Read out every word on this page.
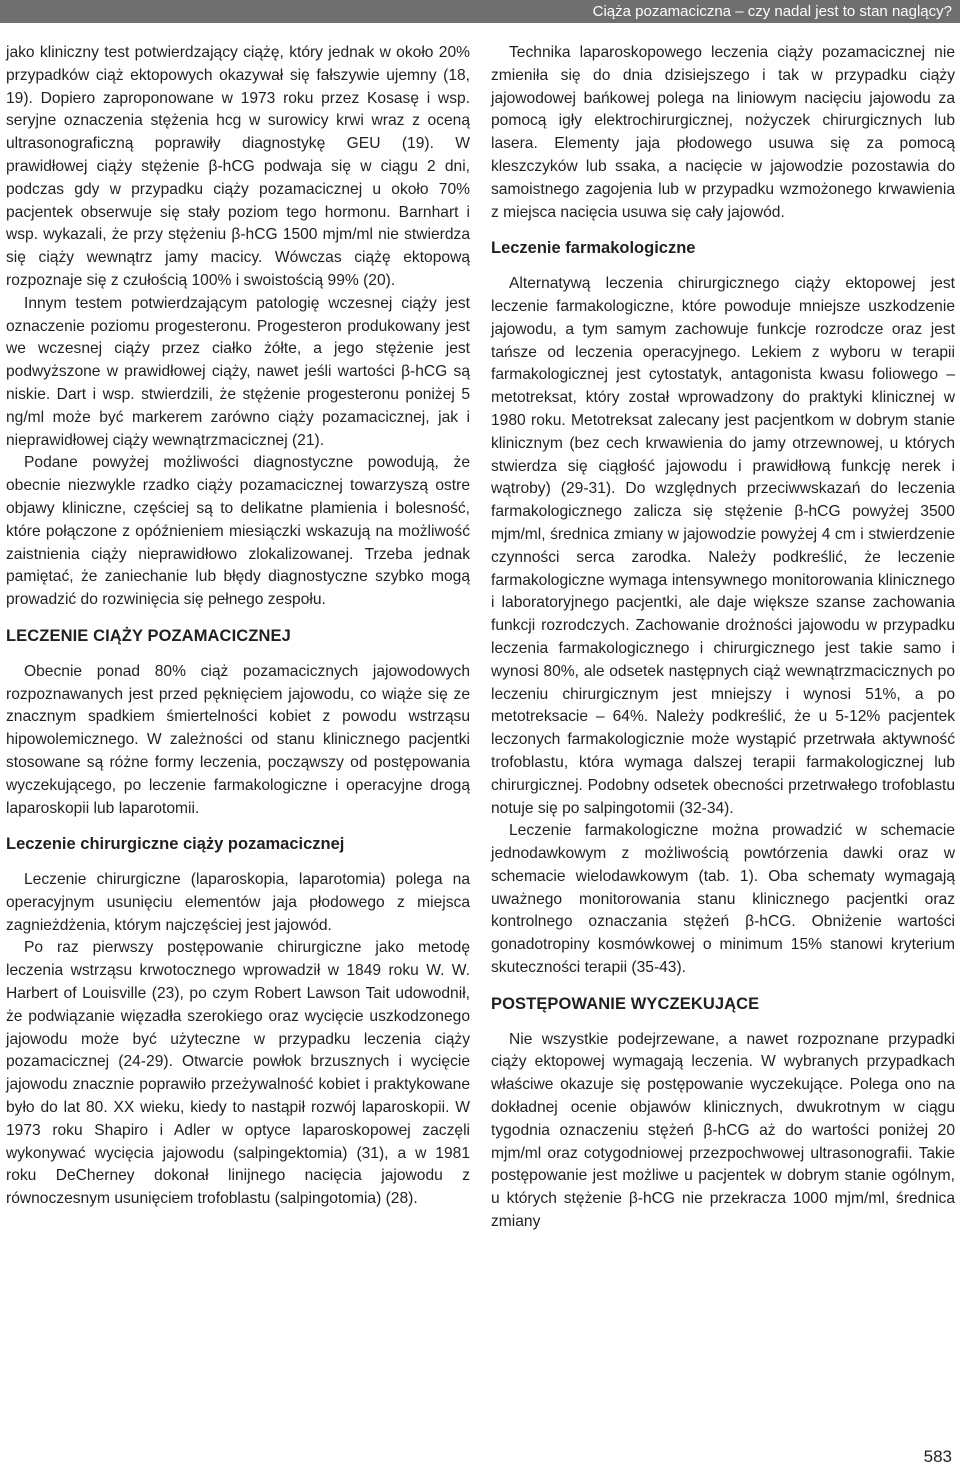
Ciąża pozamaciczna – czy nadal jest to stan naglący?

jako kliniczny test potwierdzający ciążę, który jednak w około 20% przypadków ciąż ektopowych okazywał się fałszywie ujemny (18, 19). Dopiero zaproponowane w 1973 roku przez Kosasę i wsp. seryjne oznaczenia stężenia hcg w surowicy krwi wraz z oceną ultrasonograficzną poprawiły diagnostykę GEU (19). W prawidłowej ciąży stężenie β-hCG podwaja się w ciągu 2 dni, podczas gdy w przypadku ciąży pozamacicznej u około 70% pacjentek obserwuje się stały poziom tego hormonu. Barnhart i wsp. wykazali, że przy stężeniu β-hCG 1500 mjm/ml nie stwierdza się ciąży wewnątrz jamy macicy. Wówczas ciążę ektopową rozpoznaje się z czułością 100% i swoistością 99% (20).

Innym testem potwierdzającym patologię wczesnej ciąży jest oznaczenie poziomu progesteronu. Progesteron produkowany jest we wczesnej ciąży przez ciałko żółte, a jego stężenie jest podwyższone w prawidłowej ciąży, nawet jeśli wartości β-hCG są niskie. Dart i wsp. stwierdzili, że stężenie progesteronu poniżej 5 ng/ml może być markerem zarówno ciąży pozamacicznej, jak i nieprawidłowej ciąży wewnątrzmacicznej (21).

Podane powyżej możliwości diagnostyczne powodują, że obecnie niezwykle rzadko ciąży pozamacicznej towarzyszą ostre objawy kliniczne, częściej są to delikatne plamienia i bolesność, które połączone z opóźnieniem miesiączki wskazują na możliwość zaistnienia ciąży nieprawidłowo zlokalizowanej. Trzeba jednak pamiętać, że zaniechanie lub błędy diagnostyczne szybko mogą prowadzić do rozwinięcia się pełnego zespołu.

LECZENIE CIĄŻY POZAMACICZNEJ

Obecnie ponad 80% ciąż pozamacicznych jajowodowych rozpoznawanych jest przed pęknięciem jajowodu, co wiąże się ze znacznym spadkiem śmiertelności kobiet z powodu wstrząsu hipowolemicznego. W zależności od stanu klinicznego pacjentki stosowane są różne formy leczenia, począwszy od postępowania wyczekującego, po leczenie farmakologiczne i operacyjne drogą laparoskopii lub laparotomii.

Leczenie chirurgiczne ciąży pozamacicznej

Leczenie chirurgiczne (laparoskopia, laparotomia) polega na operacyjnym usunięciu elementów jaja płodowego z miejsca zagnieżdżenia, którym najczęściej jest jajowód.

Po raz pierwszy postępowanie chirurgiczne jako metodę leczenia wstrząsu krwotocznego wprowadził w 1849 roku W. W. Harbert of Louisville (23), po czym Robert Lawson Tait udowodnił, że podwiązanie więzadła szerokiego oraz wycięcie uszkodzonego jajowodu może być użyteczne w przypadku leczenia ciąży pozamacicznej (24-29). Otwarcie powłok brzusznych i wycięcie jajowodu znacznie poprawiło przeżywalność kobiet i praktykowane było do lat 80. XX wieku, kiedy to nastąpił rozwój laparoskopii. W 1973 roku Shapiro i Adler w optyce laparoskopowej zaczęli wykonywać wycięcia jajowodu (salpingektomia) (31), a w 1981 roku DeCherney dokonał linijnego nacięcia jajowodu z równoczesnym usunięciem trofoblastu (salpingotomia) (28).

Technika laparoskopowego leczenia ciąży pozamacicznej nie zmieniła się do dnia dzisiejszego i tak w przypadku ciąży jajowodowej bańkowej polega na liniowym nacięciu jajowodu za pomocą igły elektrochirurgicznej, nożyczek chirurgicznych lub lasera. Elementy jaja płodowego usuwa się za pomocą kleszczyków lub ssaka, a nacięcie w jajowodzie pozostawia do samoistnego zagojenia lub w przypadku wzmożonego krwawienia z miejsca nacięcia usuwa się cały jajowód.

Leczenie farmakologiczne

Alternatywą leczenia chirurgicznego ciąży ektopowej jest leczenie farmakologiczne, które powoduje mniejsze uszkodzenie jajowodu, a tym samym zachowuje funkcje rozrodcze oraz jest tańsze od leczenia operacyjnego. Lekiem z wyboru w terapii farmakologicznej jest cytostatyk, antagonista kwasu foliowego – metotreksat, który został wprowadzony do praktyki klinicznej w 1980 roku. Metotreksat zalecany jest pacjentkom w dobrym stanie klinicznym (bez cech krwawienia do jamy otrzewnowej, u których stwierdza się ciągłość jajowodu i prawidłową funkcję nerek i wątroby) (29-31). Do względnych przeciwwskazań do leczenia farmakologicznego zalicza się stężenie β-hCG powyżej 3500 mjm/ml, średnica zmiany w jajowodzie powyżej 4 cm i stwierdzenie czynności serca zarodka. Należy podkreślić, że leczenie farmakologiczne wymaga intensywnego monitorowania klinicznego i laboratoryjnego pacjentki, ale daje większe szanse zachowania funkcji rozrodczych. Zachowanie drożności jajowodu w przypadku leczenia farmakologicznego i chirurgicznego jest takie samo i wynosi 80%, ale odsetek następnych ciąż wewnątrzmacicznych po leczeniu chirurgicznym jest mniejszy i wynosi 51%, a po metotreksacie – 64%. Należy podkreślić, że u 5-12% pacjentek leczonych farmakologicznie może wystąpić przetrwała aktywność trofoblastu, która wymaga dalszej terapii farmakologicznej lub chirurgicznej. Podobny odsetek obecności przetrwałego trofoblastu notuje się po salpingotomii (32-34).

Leczenie farmakologiczne można prowadzić w schemacie jednodawkowym z możliwością powtórzenia dawki oraz w schemacie wielodawkowym (tab. 1). Oba schematy wymagają uważnego monitorowania stanu klinicznego pacjentki oraz kontrolnego oznaczania stężeń β-hCG. Obniżenie wartości gonadotropiny kosmówkowej o minimum 15% stanowi kryterium skuteczności terapii (35-43).

POSTĘPOWANIE WYCZEKUJĄCE

Nie wszystkie podejrzewane, a nawet rozpoznane przypadki ciąży ektopowej wymagają leczenia. W wybranych przypadkach właściwe okazuje się postępowanie wyczekujące. Polega ono na dokładnej ocenie objawów klinicznych, dwukrotnym w ciągu tygodnia oznaczeniu stężeń β-hCG aż do wartości poniżej 20 mjm/ml oraz cotygodniowej przezpochwowej ultrasonografii. Takie postępowanie jest możliwe u pacjentek w dobrym stanie ogólnym, u których stężenie β-hCG nie przekracza 1000 mjm/ml, średnica zmiany

583
